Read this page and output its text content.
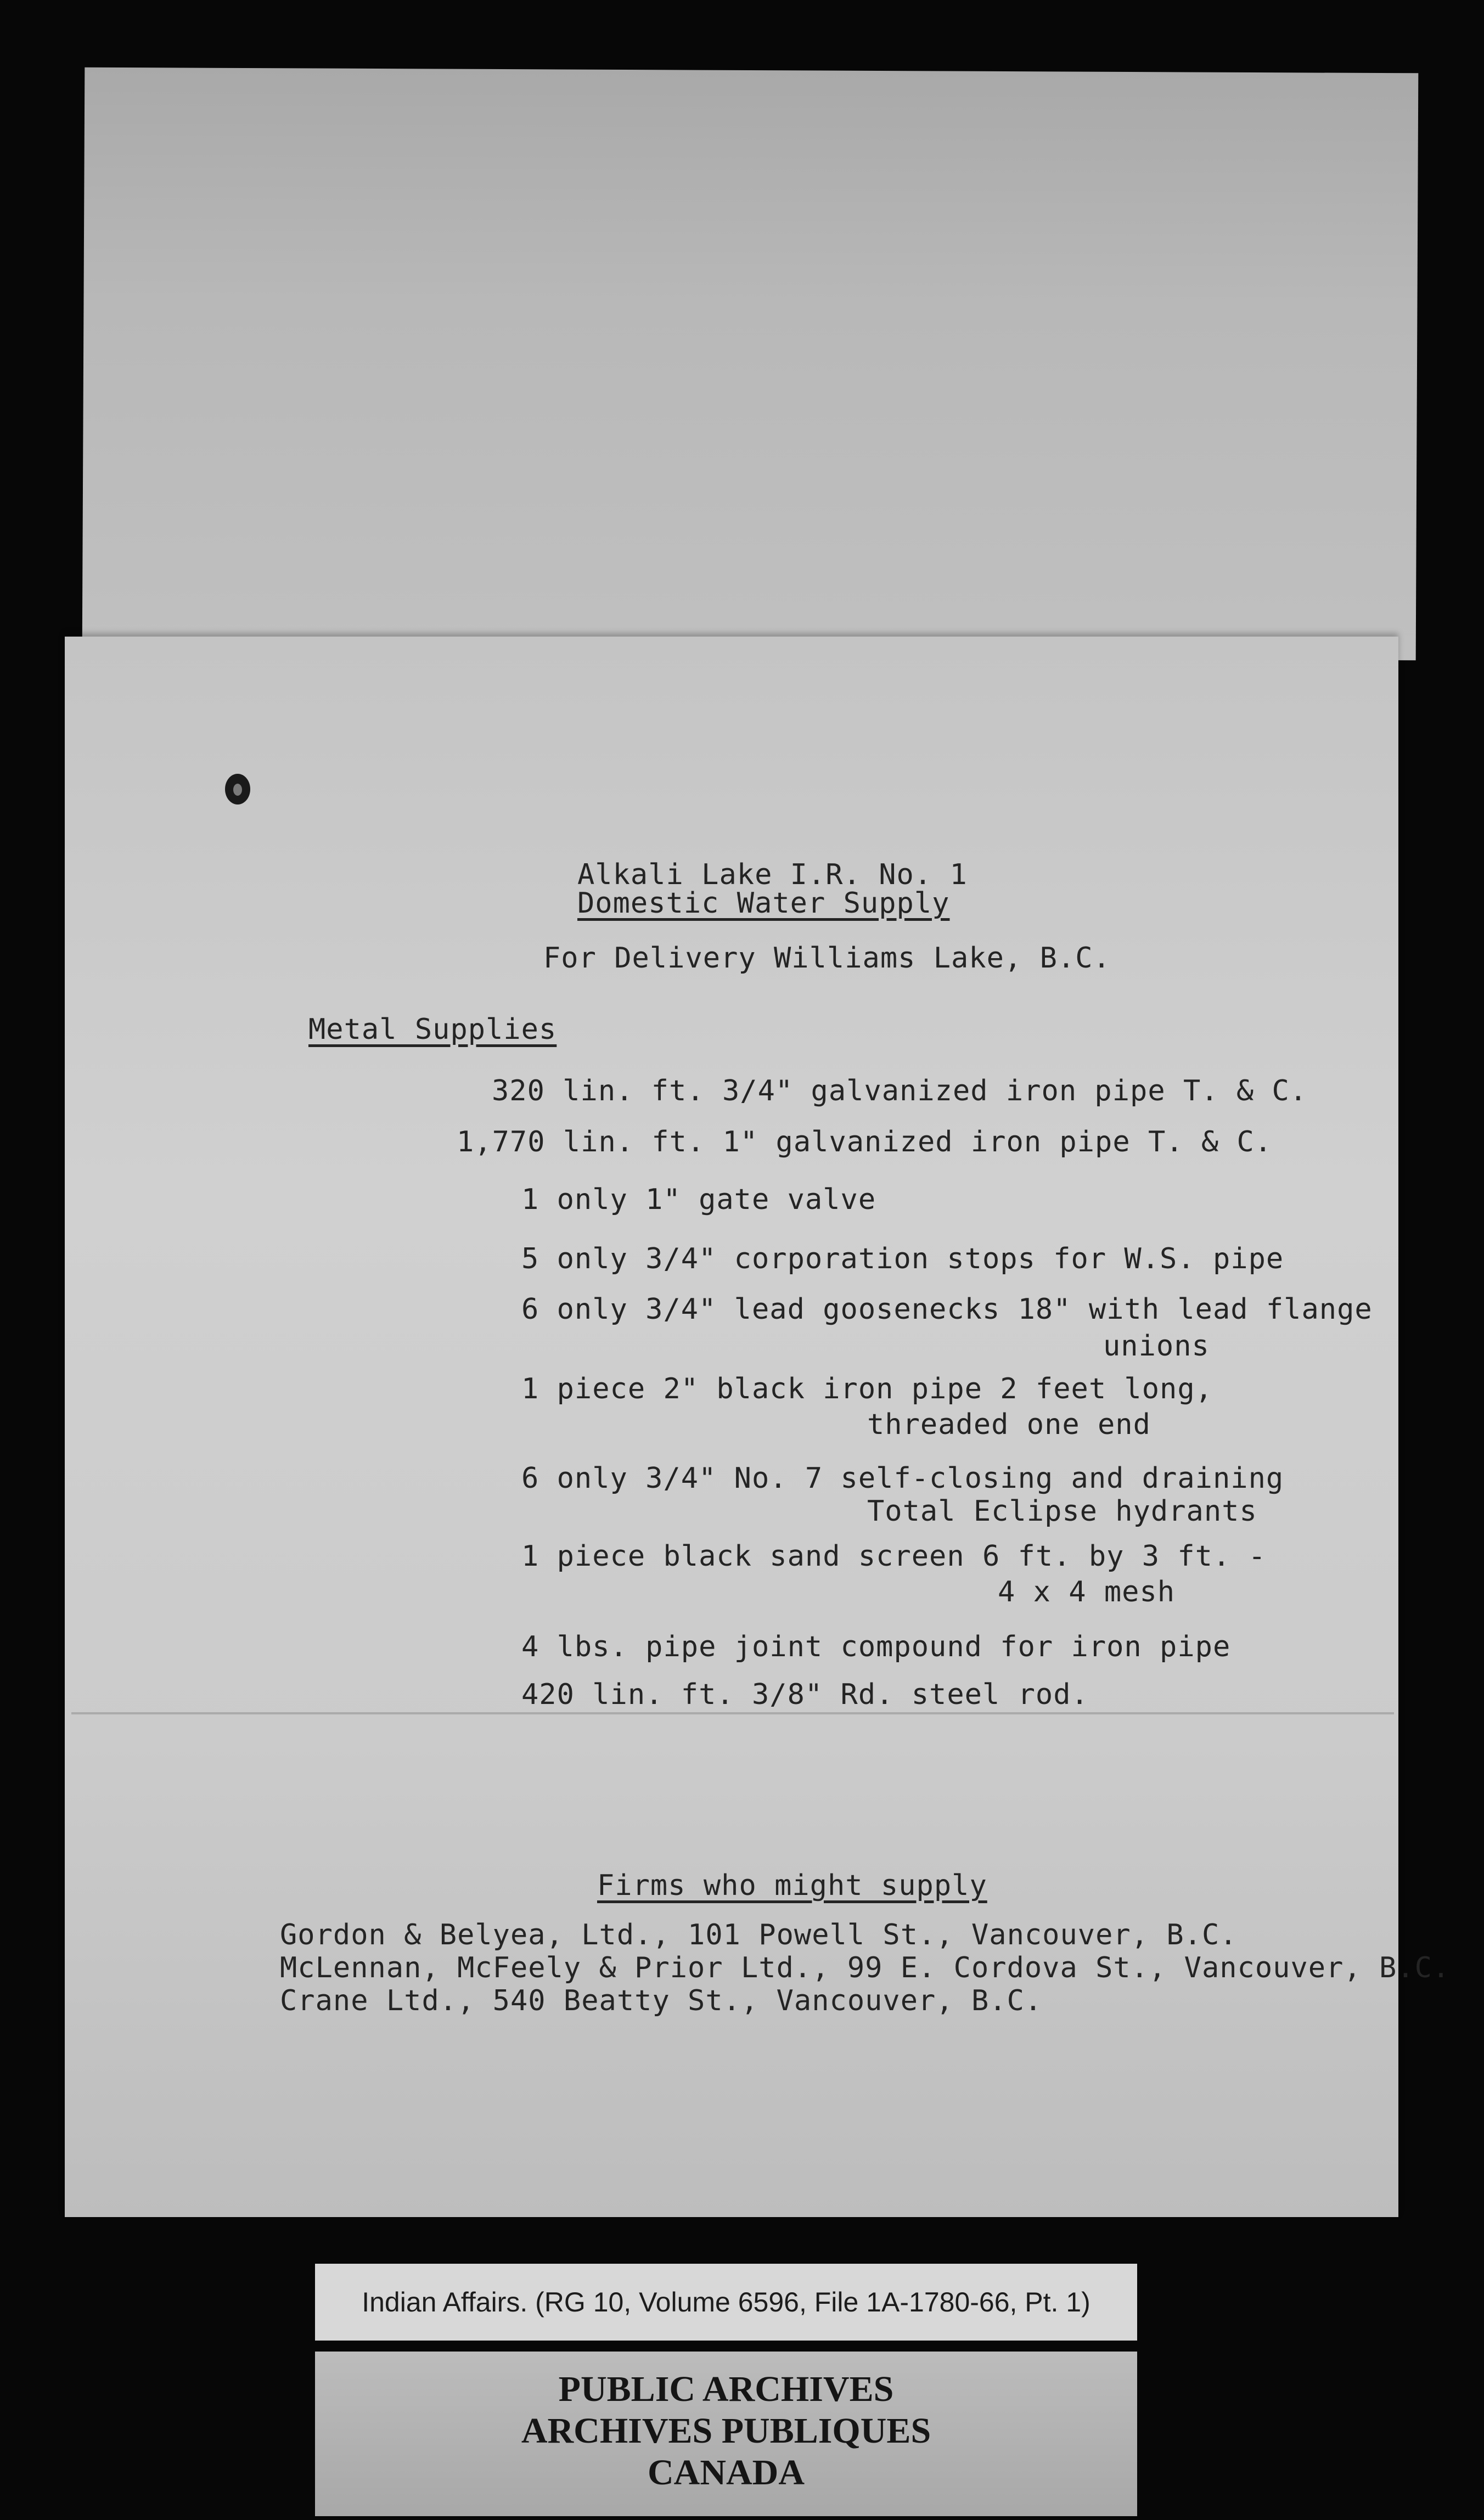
Alkali Lake I.R. No. 1
Domestic Water Supply
For Delivery Williams Lake, B.C.
Metal Supplies
320 lin. ft. 3/4" galvanized iron pipe T. & C.
1,770 lin. ft. 1" galvanized iron pipe T. & C.
1 only 1" gate valve
5 only 3/4" corporation stops for W.S. pipe
6 only 3/4" lead goosenecks 18" with lead flange
unions
1 piece 2" black iron pipe 2 feet long,
threaded one end
6 only 3/4" No. 7 self-closing and draining
Total Eclipse hydrants
1 piece black sand screen 6 ft. by 3 ft. -
4 x 4 mesh
4 lbs. pipe joint compound for iron pipe
420 lin. ft. 3/8" Rd. steel rod.
Firms who might supply
Gordon & Belyea, Ltd., 101 Powell St., Vancouver, B.C.
McLennan, McFeely & Prior Ltd., 99 E. Cordova St., Vancouver, B.C.
Crane Ltd., 540 Beatty St., Vancouver, B.C.
Indian Affairs. (RG 10, Volume 6596, File 1A-1780-66, Pt. 1)
PUBLIC ARCHIVES
ARCHIVES PUBLIQUES
CANADA
